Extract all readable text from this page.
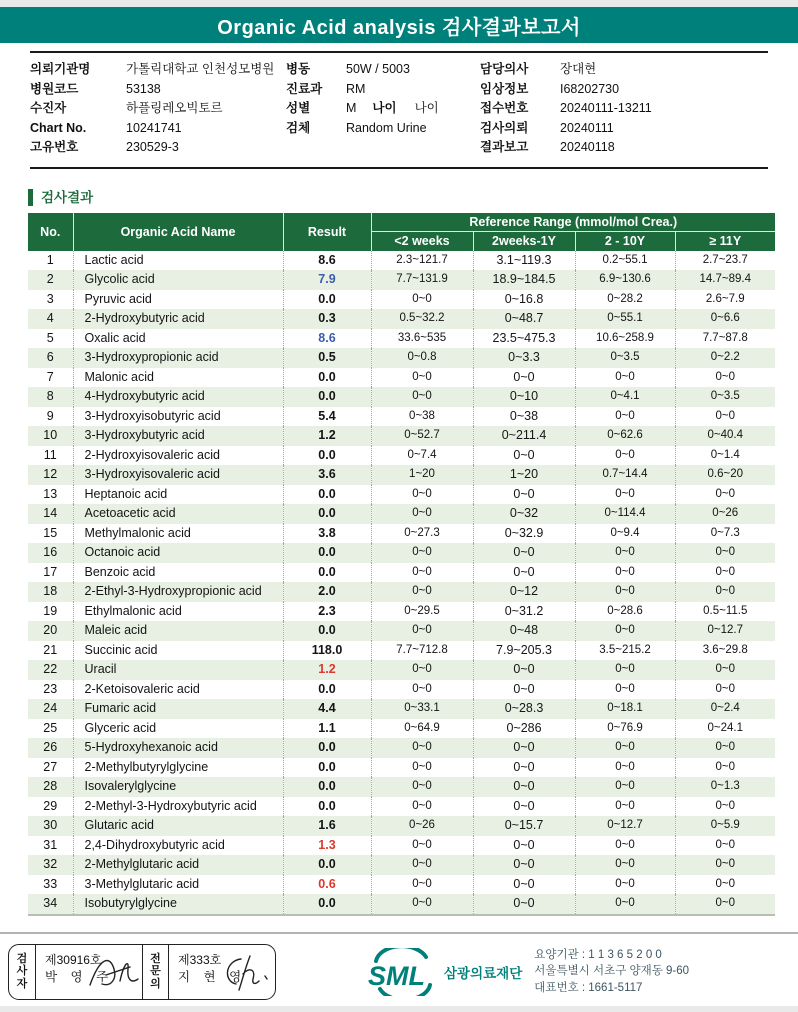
Organic Acid analysis 검사결과보고서
의뢰기관명	가톨릭대학교 인천성모병원
병원코드	53138
수진자	하플링레오빅토르
Chart No.	10241741
고유번호	230529-3
병동	50W / 5003
진료과	RM
성별	M 나이 나이
검체	Random Urine
담당의사	장대현
임상정보	I68202730
접수번호	20240111-13211
검사의뢰	20240111
결과보고	20240118
검사결과
No.	Organic Acid Name	Result	Reference Range (mmol/mol Crea.)			
			<2 weeks	2weeks-1Y	2 - 10Y	≥ 11Y
1	Lactic acid	8.6	2.3~121.7	3.1~119.3	0.2~55.1	2.7~23.7
2	Glycolic acid	7.9	7.7~131.9	18.9~184.5	6.9~130.6	14.7~89.4
3	Pyruvic acid	0.0	0~0	0~16.8	0~28.2	2.6~7.9
4	2-Hydroxybutyric acid	0.3	0.5~32.2	0~48.7	0~55.1	0~6.6
5	Oxalic acid	8.6	33.6~535	23.5~475.3	10.6~258.9	7.7~87.8
6	3-Hydroxypropionic acid	0.5	0~0.8	0~3.3	0~3.5	0~2.2
7	Malonic acid	0.0	0~0	0~0	0~0	0~0
8	4-Hydroxybutyric acid	0.0	0~0	0~10	0~4.1	0~3.5
9	3-Hydroxyisobutyric acid	5.4	0~38	0~38	0~0	0~0
10	3-Hydroxybutyric acid	1.2	0~52.7	0~211.4	0~62.6	0~40.4
11	2-Hydroxyisovaleric acid	0.0	0~7.4	0~0	0~0	0~1.4
12	3-Hydroxyisovaleric acid	3.6	1~20	1~20	0.7~14.4	0.6~20
13	Heptanoic acid	0.0	0~0	0~0	0~0	0~0
14	Acetoacetic acid	0.0	0~0	0~32	0~114.4	0~26
15	Methylmalonic acid	3.8	0~27.3	0~32.9	0~9.4	0~7.3
16	Octanoic acid	0.0	0~0	0~0	0~0	0~0
17	Benzoic acid	0.0	0~0	0~0	0~0	0~0
18	2-Ethyl-3-Hydroxypropionic acid	2.0	0~0	0~12	0~0	0~0
19	Ethylmalonic acid	2.3	0~29.5	0~31.2	0~28.6	0.5~11.5
20	Maleic acid	0.0	0~0	0~48	0~0	0~12.7
21	Succinic acid	118.0	7.7~712.8	7.9~205.3	3.5~215.2	3.6~29.8
22	Uracil	1.2	0~0	0~0	0~0	0~0
23	2-Ketoisovaleric acid	0.0	0~0	0~0	0~0	0~0
24	Fumaric acid	4.4	0~33.1	0~28.3	0~18.1	0~2.4
25	Glyceric acid	1.1	0~64.9	0~286	0~76.9	0~24.1
26	5-Hydroxyhexanoic acid	0.0	0~0	0~0	0~0	0~0
27	2-Methylbutyrylglycine	0.0	0~0	0~0	0~0	0~0
28	Isovalerylglycine	0.0	0~0	0~0	0~0	0~1.3
29	2-Methyl-3-Hydroxybutyric acid	0.0	0~0	0~0	0~0	0~0
30	Glutaric acid	1.6	0~26	0~15.7	0~12.7	0~5.9
31	2,4-Dihydroxybutyric acid	1.3	0~0	0~0	0~0	0~0
32	2-Methylglutaric acid	0.0	0~0	0~0	0~0	0~0
33	3-Methylglutaric acid	0.6	0~0	0~0	0~0	0~0
34	Isobutyrylglycine	0.0	0~0	0~0	0~0	0~0
검사자
제30916호
박 영 주
전문의
제333호
지 현 영	SML 삼광의료재단
요양기관 : 1 1 3 6 5 2 0 0
서울특별시 서초구 양재동 9-60
대표번호 : 1661-5117
